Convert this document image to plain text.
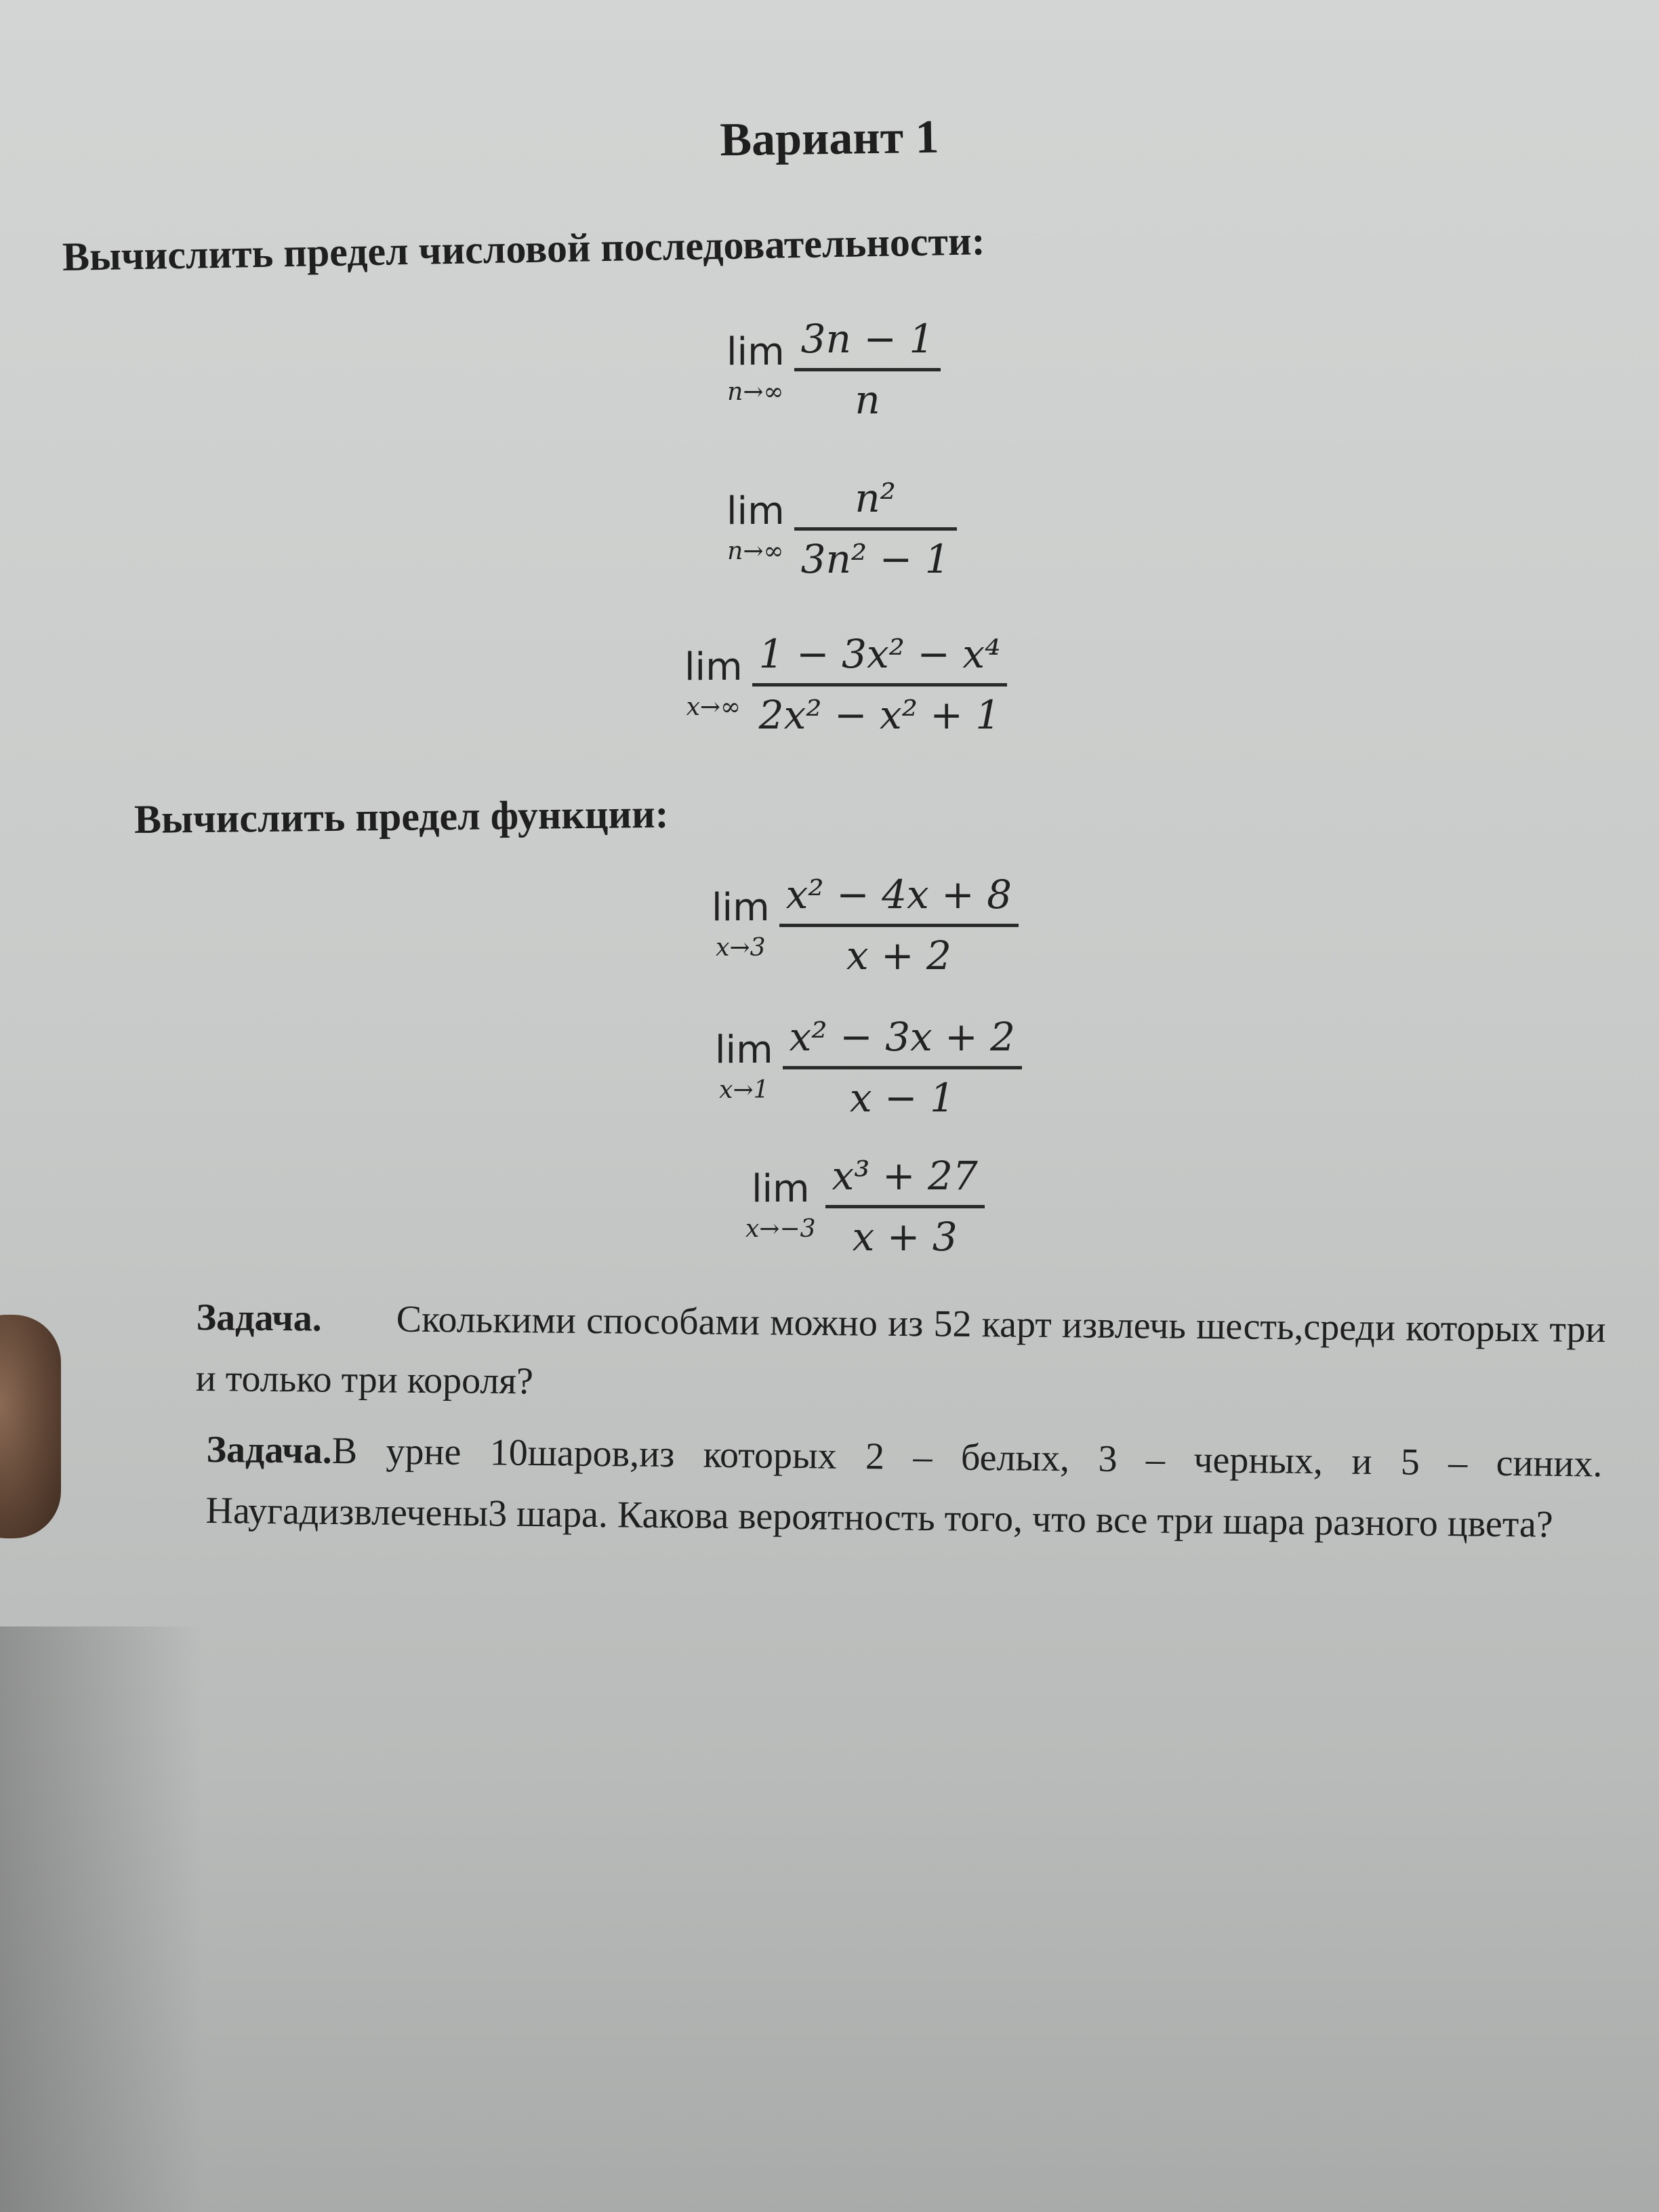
Вариант 1
Вычислить предел числовой последовательности:
lim
n→∞
3n − 1
n
lim
n→∞
n²
3n² − 1
lim
x→∞
1 − 3x² − x⁴
2x² − x² + 1
Вычислить предел функции:
lim
x→3
x² − 4x + 8
x + 2
lim
x→1
x² − 3x + 2
x − 1
lim
x→−3
x³ + 27
x + 3
Задача. Сколькими способами можно из 52 карт извлечь шесть,среди которых три и только три короля?
Задача.В урне 10шаров,из которых 2 – белых, 3 – черных, и 5 – синих. Наугадизвлечены3 шара. Какова вероятность того, что все три шара разного цвета?
